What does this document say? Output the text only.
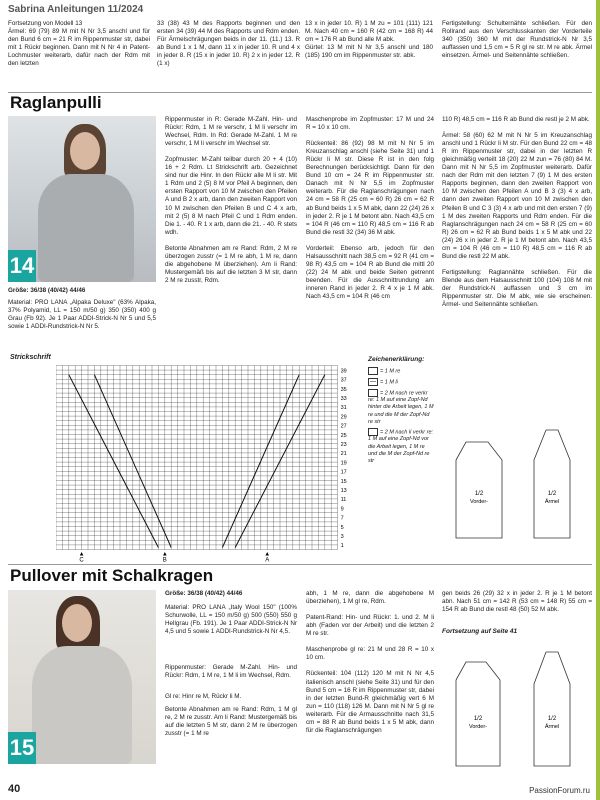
Sabrina Anleitungen 11/2024
Fortsetzung von Modell 13
Ärmel: 69 (79) 89 M mit N Nr 3,5 anschl und für den Bund 6 cm = 21 R im Rippenmuster str, dabei mit 1 Rückr beginnen. Dann mit N Nr 4 in Patent-Lochmuster weiterarb, dafür nach der Rdm mit den letzten
33 (38) 43 M des Rapports beginnen und den ersten 34 (39) 44 M des Rapports und Rdm enden. Für Ärmelschrägungen beids in der 11. (11.) 13. R ab Bund 1 x 1 M, dann 11 x in jeder 10. R und 4 x in jeder 8. R (15 x in jeder 10. R) 2 x in jeder 12. R (1 x)
13 x in jeder 10. R) 1 M zu = 101 (111) 121 M. Nach 40 cm = 160 R (42 cm = 168 R) 44 cm = 176 R ab Bund alle M abk.
Gürtel: 13 M mit N Nr 3,5 anschl und 180 (185) 190 cm im Rippenmuster str. abk.
Fertigstellung: Schulternähte schließen. Für den Rollrand aus den Verschlusskanten der Vorderteile 340 (350) 360 M mit der Rundstrick-N Nr 3,5 auffassen und 1,5 cm = 5 R gl re str. M re abk. Ärmel einsetzen. Ärmel- und Seitennähte schließen.
Raglanpulli
14
Größe: 36/38 (40/42) 44/46
Material: PRO LANA „Alpaka Deluxe" (63% Alpaka, 37% Polyamid, LL = 150 m/50 g) 350 (350) 400 g Grau (Fb 92). Je 1 Paar ADDI-Strick-N Nr 5 und 5,5 sowie 1 ADDI-Rundstrick-N Nr 5.
Rippenmuster in R: Gerade M-Zahl. Hin- und Rückr: Rdm, 1 M re verschr, 1 M li verschr im Wechsel, Rdm. In Rd: Gerade M-Zahl. 1 M re verschr, 1 M li verschr im Wechsel str.

Zopfmuster: M-Zahl teilbar durch 20 + 4 (10) 16 + 2 Rdm. Lt Strickschrift arb. Gezeichnet sind nur die Hinr. In den Rückr alle M li str. Mit 1 Rdm und 2 (5) 8 M vor Pfeil A beginnen, den ersten Rapport von 10 M zwischen den Pfeilen A und B 2 x arb, dann den zweiten Rapport von 10 M zwischen den Pfeilen B und C 4 x arb, mit 2 (5) 8 M nach Pfeil C und 1 Rdm enden. Die 1. - 40. R 1 x arb, dann die 21. - 40. R stets wdh.

Betonte Abnahmen am re Rand: Rdm, 2 M re überzogen zusstr (= 1 M re abh, 1 M re, dann die abgehobene M überziehen). Am li Rand: Mustergemäß bis auf die letzten 3 M str, dann 2 M re zusstr, Rdm.
Maschenprobe im Zopfmuster: 17 M und 24 R = 10 x 10 cm.

Rückenteil: 86 (92) 98 M mit N Nr 5 im Kreuzanschlag anschl (siehe Seite 31) und 1 Rückr li M str. Diese R ist in den folg Berechnungen berücksichtigt. Dann für den Bund 10 cm = 24 R im Rippenmuster str. Danach mit N Nr 5,5 im Zopfmuster weiterarb. Für die Raglanschrägungen nach 24 cm = 58 R (25 cm = 60 R) 26 cm = 62 R ab Bund beids 1 x 5 M abk, dann 22 (24) 26 x in jeder 2. R je 1 M betont abn. Nach 43,5 cm = 104 R (46 cm = 110 R) 48,5 cm = 116 R ab Bund die restl 32 (34) 36 M abk.

Vorderteil: Ebenso arb, jedoch für den Halsausschnitt nach 38,5 cm = 92 R (41 cm = 98 R) 43,5 cm = 104 R ab Bund die mittl 20 (22) 24 M abk und beide Seiten getrennt beenden. Für die Ausschnittrundung am inneren Rand in jeder 2. R 4 x je 1 M abk. Nach 43,5 cm = 104 R (46 cm
110 R) 48,5 cm = 116 R ab Bund die restl je 2 M abk.

Ärmel: 58 (60) 62 M mit N Nr 5 im Kreuzanschlag anschl und 1 Rückr li M str. Für den Bund 22 cm = 48 R im Rippenmuster str, dabei in der letzten R gleichmäßig verteilt 18 (20) 22 M zun = 76 (80) 84 M. Dann mit N Nr 5,5 im Zopfmuster weiterarb. Dafür nach der Rdm mit den letzten 7 (9) 1 M des ersten Rapports beginnen, dann den zweiten Rapport von 10 M zwischen den Pfeilen A und B 3 (3) 4 x arb, dann den zweiten Rapport von 10 M zwischen den Pfeilen B und C 3 (3) 4 x arb und mit den ersten 7 (9) 1 M des zweiten Rapports und Rdm enden. Für die Raglanschrägungen nach 24 cm = 58 R (25 cm = 60 R) 26 cm = 62 R ab Bund beids 1 x 5 M abk und 22 (24) 26 x in jeder 2. R je 1 M betont abn. Nach 43,5 cm = 104 R (46 cm = 110 R) 48,5 cm = 116 R ab Bund die restl 22 M abk.

Fertigstellung: Raglannähte schließen. Für die Blende aus dem Halsausschnitt 100 (104) 108 M mit der Rundstrick-N auffassen und 3 cm im Rippenmuster str. Die M abk, wie sie erscheinen. Ärmel- und Seitennähte schließen.
Strickschrift
39
37
35
33
31
29
27
25
23
21
19
17
15
13
11
9
7
5
3
1
C
▲
B
▲
A
▲
Zeichenerklärung:
= 1 M re
— = 1 M li
= 2 M nach re verkr re: 1 M auf eine Zopf-Nd hinter die Arbeit legen, 1 M re und die M der Zopf-Nd re str
= 2 M nach li verkr re: 1 M auf eine Zopf-Nd vor die Arbeit legen, 1 M re und die M der Zopf-Nd re str
1/2
Vorder-
1/2
Ärmel
Pullover mit Schalkragen
15
Größe: 36/38 (40/42) 44/46
Material: PRO LANA „Italy Wool 150" (100% Schurwolle, LL = 150 m/50 g) 500 (550) 550 g Hellgrau (Fb. 191). Je 1 Paar ADDI-Strick-N Nr 4,5 und 5 sowie 1 ADDI-Rundstrick-N Nr 4,5.
Rippenmuster: Gerade M-Zahl. Hin- und Rückr: Rdm, 1 M re, 1 M li im Wechsel, Rdm.
Gl re: Hinr re M, Rückr li M.
Betonte Abnahmen am re Rand: Rdm, 1 M gl re, 2 M re zusstr. Am li Rand: Mustergemäß bis auf die letzten 5 M str, dann 2 M re überzogen zusstr (= 1 M re
abh, 1 M re, dann die abgehobene M überziehen), 1 M gl re, Rdm.

Patent-Rand: Hin- und Rückr: 1. und 2. M li abh (Faden vor der Arbeit) und die letzten 2 M re str.

Maschenprobe gl re: 21 M und 28 R = 10 x 10 cm.

Rückenteil: 104 (112) 120 M mit N Nr 4,5 italienisch anschl (siehe Seite 31) und für den Bund 5 cm = 16 R im Rippenmuster str, dabei in der letzten Bund-R gleichmäßig vert 6 M zun = 110 (118) 126 M. Dann mit N Nr 5 gl re weiterarb. Für die Armausschnitte nach 31,5 cm = 88 R ab Bund beids 1 x 5 M abk, dann für die Raglanschrägungen
gen beids 26 (29) 32 x in jeder 2. R je 1 M betont abn. Nach 51 cm = 142 R (53 cm = 148 R) 55 cm = 154 R ab Bund die restl 48 (50) 52 M abk.
Fortsetzung auf Seite 41
1/2
Vorder-
1/2
Ärmel
40	PassionForum.ru
